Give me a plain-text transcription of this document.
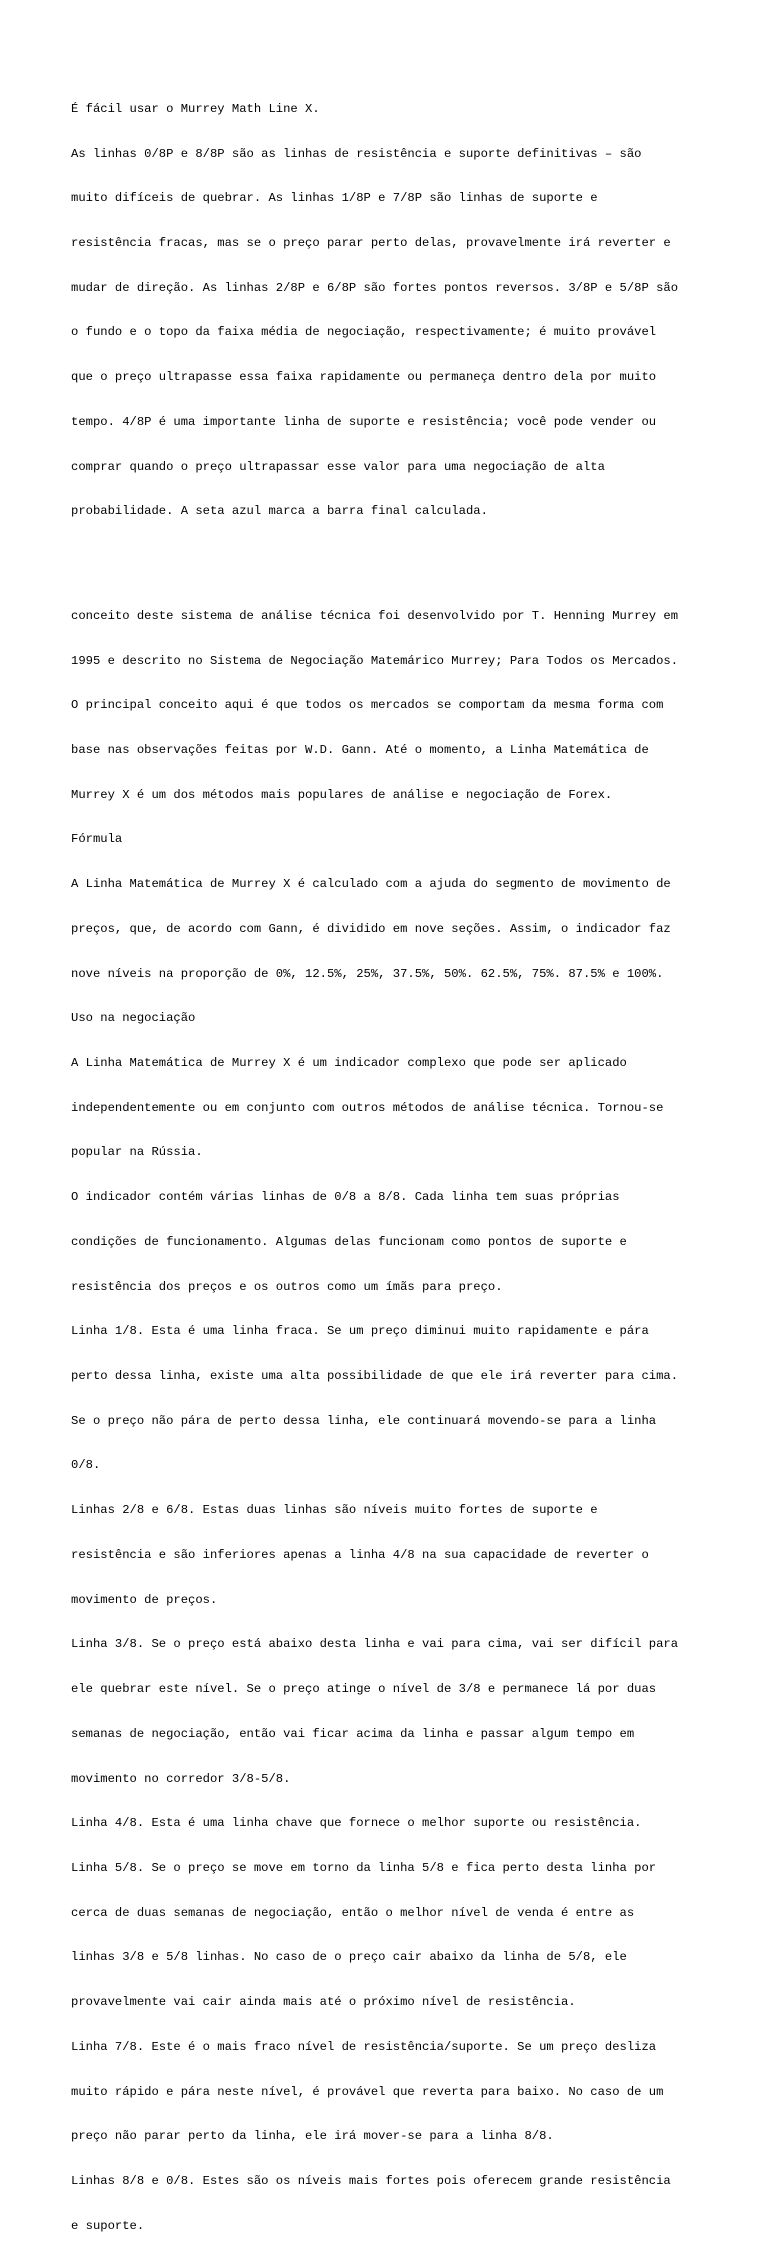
É fácil usar o Murrey Math Line X.

As linhas 0/8P e 8/8P são as linhas de resistência e suporte definitivas – são

muito difíceis de quebrar. As linhas 1/8P e 7/8P são linhas de suporte e

resistência fracas, mas se o preço parar perto delas, provavelmente irá reverter e

mudar de direção. As linhas 2/8P e 6/8P são fortes pontos reversos. 3/8P e 5/8P são

o fundo e o topo da faixa média de negociação, respectivamente; é muito provável

que o preço ultrapasse essa faixa rapidamente ou permaneça dentro dela por muito

tempo. 4/8P é uma importante linha de suporte e resistência; você pode vender ou

comprar quando o preço ultrapassar esse valor para uma negociação de alta

probabilidade. A seta azul marca a barra final calculada.

conceito deste sistema de análise técnica foi desenvolvido por T. Henning Murrey em

1995 e descrito no Sistema de Negociação Matemárico Murrey; Para Todos os Mercados.

O principal conceito aqui é que todos os mercados se comportam da mesma forma com

base nas observações feitas por W.D. Gann. Até o momento, a Linha Matemática de

Murrey X é um dos métodos mais populares de análise e negociação de Forex.

Fórmula

A Linha Matemática de Murrey X é calculado com a ajuda do segmento de movimento de

preços, que, de acordo com Gann, é dividido em nove seções. Assim, o indicador faz

nove níveis na proporção de 0%, 12.5%, 25%, 37.5%, 50%. 62.5%, 75%. 87.5% e 100%.

Uso na negociação

A Linha Matemática de Murrey X é um indicador complexo que pode ser aplicado

independentemente ou em conjunto com outros métodos de análise técnica. Tornou-se

popular na Rússia.

O indicador contém várias linhas de 0/8 a 8/8. Cada linha tem suas próprias

condições de funcionamento. Algumas delas funcionam como pontos de suporte e

resistência dos preços e os outros como um ímãs para preço.

Linha 1/8. Esta é uma linha fraca. Se um preço diminui muito rapidamente e pára

perto dessa linha, existe uma alta possibilidade de que ele irá reverter para cima.

Se o preço não pára de perto dessa linha, ele continuará movendo-se para a linha

0/8.

Linhas 2/8 e 6/8. Estas duas linhas são níveis muito fortes de suporte e

resistência e são inferiores apenas a linha 4/8 na sua capacidade de reverter o

movimento de preços.

Linha 3/8. Se o preço está abaixo desta linha e vai para cima, vai ser difícil para

ele quebrar este nível. Se o preço atinge o nível de 3/8 e permanece lá por duas

semanas de negociação, então vai ficar acima da linha e passar algum tempo em

movimento no corredor 3/8-5/8.

Linha 4/8. Esta é uma linha chave que fornece o melhor suporte ou resistência.

Linha 5/8. Se o preço se move em torno da linha 5/8 e fica perto desta linha por

cerca de duas semanas de negociação, então o melhor nível de venda é entre as

linhas 3/8 e 5/8 linhas. No caso de o preço cair abaixo da linha de 5/8, ele

provavelmente vai cair ainda mais até o próximo nível de resistência.

Linha 7/8. Este é o mais fraco nível de resistência/suporte. Se um preço desliza

muito rápido e pára neste nível, é provável que reverta para baixo. No caso de um

preço não parar perto da linha, ele irá mover-se para a linha 8/8.

Linhas 8/8 e 0/8. Estes são os níveis mais fortes pois oferecem grande resistência

e suporte.
